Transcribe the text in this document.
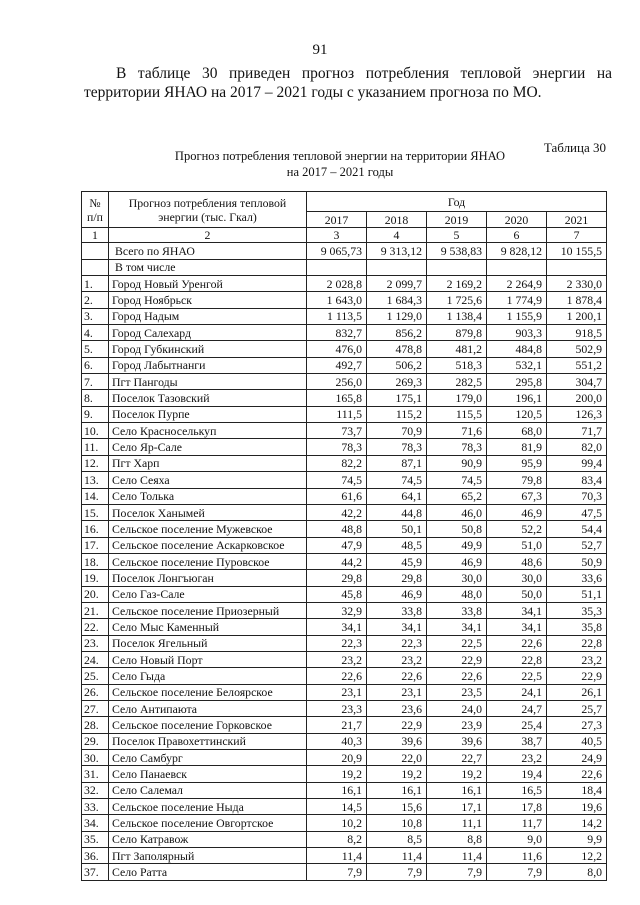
91
В таблице 30 приведен прогноз потребления тепловой энергии на территории ЯНАО на 2017 – 2021 годы с указанием прогноза по МО.
Таблица 30
Прогноз потребления тепловой энергии на территории ЯНАО
на 2017 – 2021 годы
№ п/п	Прогноз потребления тепловой энергии (тыс. Гкал)	Год				
		2017	2018	2019	2020	2021
1	2	3	4	5	6	7
	Всего по ЯНАО	9 065,73	9 313,12	9 538,83	9 828,12	10 155,5
	В том числе					
1.	Город Новый Уренгой	2 028,8	2 099,7	2 169,2	2 264,9	2 330,0
2.	Город Ноябрьск	1 643,0	1 684,3	1 725,6	1 774,9	1 878,4
3.	Город Надым	1 113,5	1 129,0	1 138,4	1 155,9	1 200,1
4.	Город Салехард	832,7	856,2	879,8	903,3	918,5
5.	Город Губкинский	476,0	478,8	481,2	484,8	502,9
6.	Город Лабытнанги	492,7	506,2	518,3	532,1	551,2
7.	Пгт Пангоды	256,0	269,3	282,5	295,8	304,7
8.	Поселок Тазовский	165,8	175,1	179,0	196,1	200,0
9.	Поселок Пурпе	111,5	115,2	115,5	120,5	126,3
10.	Село Красноселькуп	73,7	70,9	71,6	68,0	71,7
11.	Село Яр-Сале	78,3	78,3	78,3	81,9	82,0
12.	Пгт Харп	82,2	87,1	90,9	95,9	99,4
13.	Село Сеяха	74,5	74,5	74,5	79,8	83,4
14.	Село Толька	61,6	64,1	65,2	67,3	70,3
15.	Поселок Ханымей	42,2	44,8	46,0	46,9	47,5
16.	Сельское поселение Мужевское	48,8	50,1	50,8	52,2	54,4
17.	Сельское поселение Аскарковское	47,9	48,5	49,9	51,0	52,7
18.	Сельское поселение Пуровское	44,2	45,9	46,9	48,6	50,9
19.	Поселок Лонгъюган	29,8	29,8	30,0	30,0	33,6
20.	Село Газ-Сале	45,8	46,9	48,0	50,0	51,1
21.	Сельское поселение Приозерный	32,9	33,8	33,8	34,1	35,3
22.	Село Мыс Каменный	34,1	34,1	34,1	34,1	35,8
23.	Поселок Ягельный	22,3	22,3	22,5	22,6	22,8
24.	Село Новый Порт	23,2	23,2	22,9	22,8	23,2
25.	Село Гыда	22,6	22,6	22,6	22,5	22,9
26.	Сельское поселение Белоярское	23,1	23,1	23,5	24,1	26,1
27.	Село Антипаюта	23,3	23,6	24,0	24,7	25,7
28.	Сельское поселение Горковское	21,7	22,9	23,9	25,4	27,3
29.	Поселок Правохеттинский	40,3	39,6	39,6	38,7	40,5
30.	Село Самбург	20,9	22,0	22,7	23,2	24,9
31.	Село Панаевск	19,2	19,2	19,2	19,4	22,6
32.	Село Салемал	16,1	16,1	16,1	16,5	18,4
33.	Сельское поселение Ныда	14,5	15,6	17,1	17,8	19,6
34.	Сельское поселение Овгортское	10,2	10,8	11,1	11,7	14,2
35.	Село Катравож	8,2	8,5	8,8	9,0	9,9
36.	Пгт Заполярный	11,4	11,4	11,4	11,6	12,2
37.	Село Ратта	7,9	7,9	7,9	7,9	8,0
